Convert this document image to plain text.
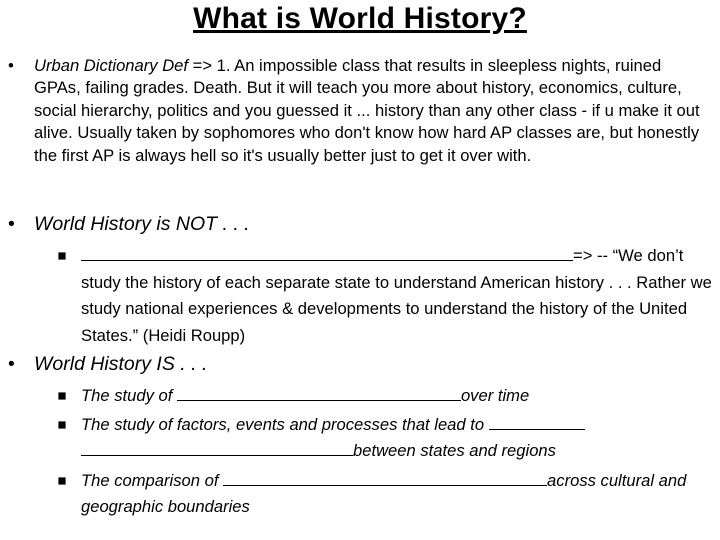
What is World History?
•	Urban Dictionary Def => 1. An impossible class that results in sleepless nights, ruined GPAs, failing grades. Death. But it will teach you more about history, economics, culture, social hierarchy, politics and you guessed it ... history than any other class - if u make it out alive. Usually taken by sophomores who don't know how hard AP classes are, but honestly the first AP is always hell so it's usually better just to get it over with.
• World History is NOT . . .
=> -- “We don’t study the history of each separate state to understand American history . . . Rather we study national experiences & developments to understand the history of the United States.” (Heidi Roupp)
• World History IS . . .
The study of	over time
The study of factors, events and processes that lead to
between states and regions
The comparison of	across cultural and geographic boundaries
